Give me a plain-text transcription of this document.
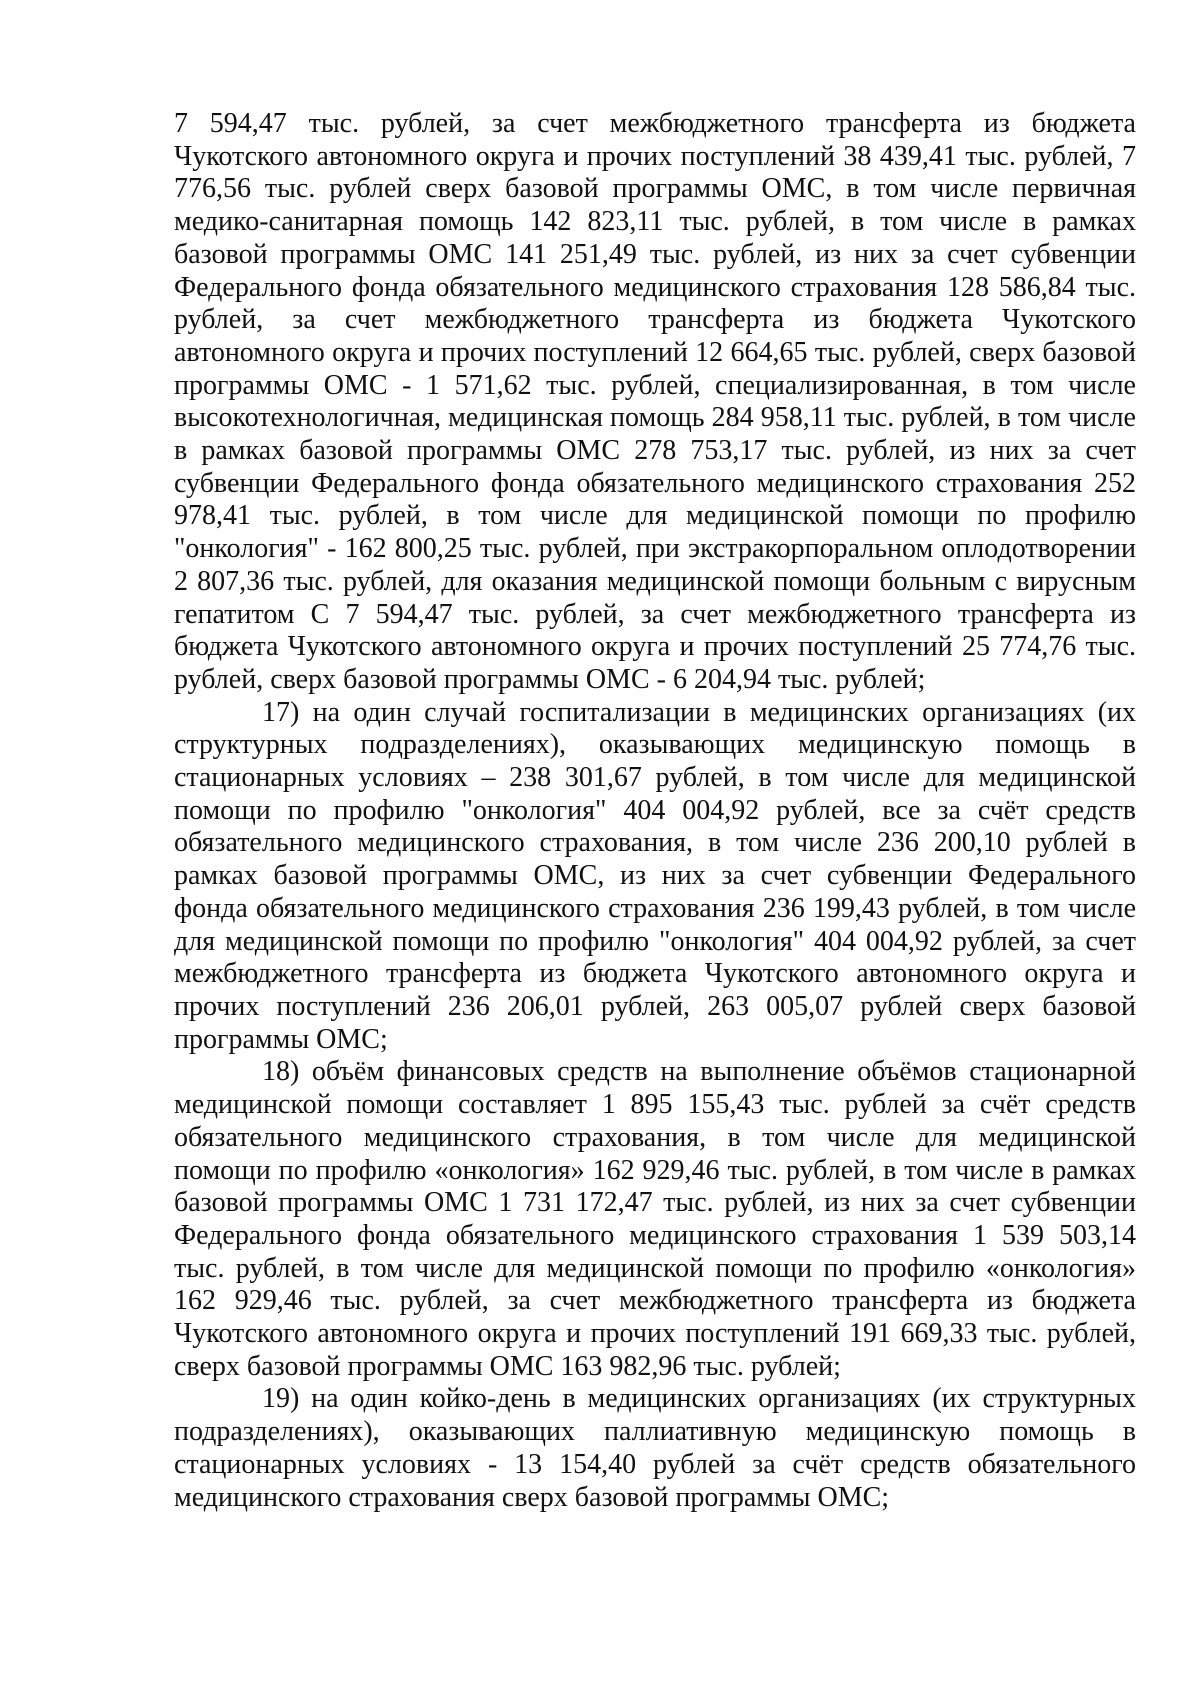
7 594,47 тыс. рублей, за счет межбюджетного трансферта из бюджета Чукотского автономного округа и прочих поступлений 38 439,41 тыс. рублей, 7 776,56 тыс. рублей сверх базовой программы ОМС, в том числе первичная медико-санитарная помощь 142 823,11 тыс. рублей, в том числе в рамках базовой программы ОМС 141 251,49 тыс. рублей, из них за счет субвенции Федерального фонда обязательного медицинского страхования 128 586,84 тыс. рублей, за счет межбюджетного трансферта из бюджета Чукотского автономного округа и прочих поступлений 12 664,65 тыс. рублей, сверх базовой программы ОМС - 1 571,62 тыс. рублей, специализированная, в том числе высокотехнологичная, медицинская помощь 284 958,11 тыс. рублей, в том числе в рамках базовой программы ОМС 278 753,17 тыс. рублей, из них за счет субвенции Федерального фонда обязательного медицинского страхования 252 978,41 тыс. рублей, в том числе для медицинской помощи по профилю "онкология" - 162 800,25 тыс. рублей, при экстракорпоральном оплодотворении 2 807,36 тыс. рублей, для оказания медицинской помощи больным с вирусным гепатитом С 7 594,47 тыс. рублей, за счет межбюджетного трансферта из бюджета Чукотского автономного округа и прочих поступлений 25 774,76 тыс. рублей, сверх базовой программы ОМС - 6 204,94 тыс. рублей;

17) на один случай госпитализации в медицинских организациях (их структурных подразделениях), оказывающих медицинскую помощь в стационарных условиях – 238 301,67 рублей, в том числе для медицинской помощи по профилю "онкология" 404 004,92 рублей, все за счёт средств обязательного медицинского страхования, в том числе 236 200,10 рублей в рамках базовой программы ОМС, из них за счет субвенции Федерального фонда обязательного медицинского страхования 236 199,43 рублей, в том числе для медицинской помощи по профилю "онкология" 404 004,92 рублей, за счет межбюджетного трансферта из бюджета Чукотского автономного округа и прочих поступлений 236 206,01 рублей, 263 005,07 рублей сверх базовой программы ОМС;

18) объём финансовых средств на выполнение объёмов стационарной медицинской помощи составляет 1 895 155,43 тыс. рублей за счёт средств обязательного медицинского страхования, в том числе для медицинской помощи по профилю «онкология» 162 929,46 тыс. рублей, в том числе в рамках базовой программы ОМС 1 731 172,47 тыс. рублей, из них за счет субвенции Федерального фонда обязательного медицинского страхования 1 539 503,14 тыс. рублей, в том числе для медицинской помощи по профилю «онкология» 162 929,46 тыс. рублей, за счет межбюджетного трансферта из бюджета Чукотского автономного округа и прочих поступлений 191 669,33 тыс. рублей, сверх базовой программы ОМС 163 982,96 тыс. рублей;

19) на один койко-день в медицинских организациях (их структурных подразделениях), оказывающих паллиативную медицинскую помощь в стационарных условиях - 13 154,40 рублей за счёт средств обязательного медицинского страхования сверх базовой программы ОМС;
